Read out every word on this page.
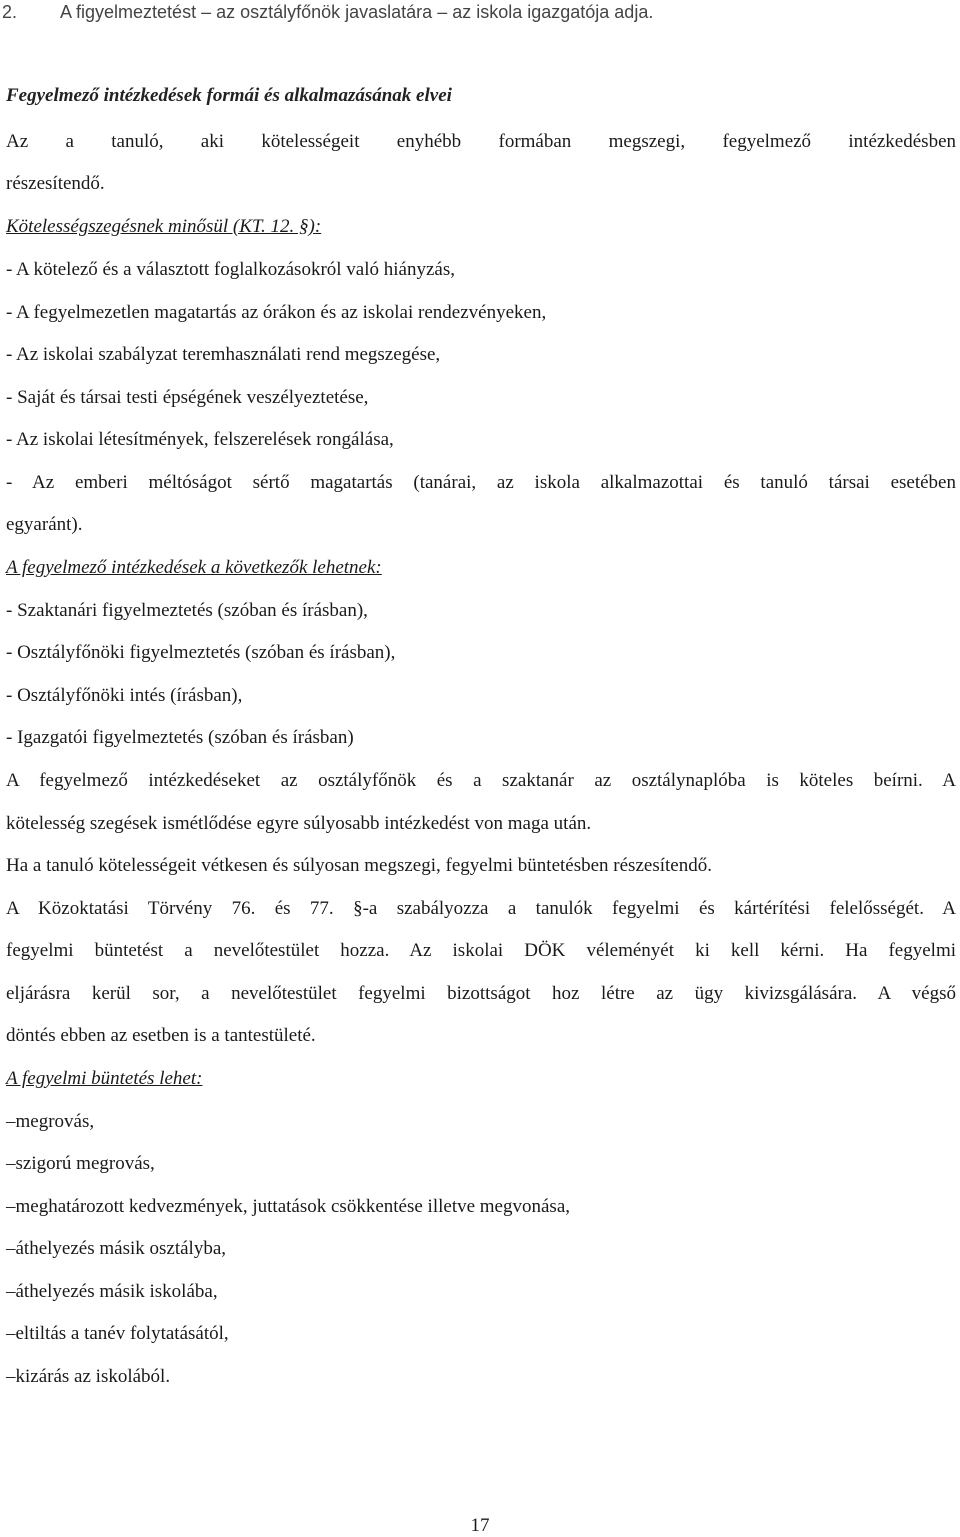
2. A figyelmeztetést – az osztályfőnök javaslatára – az iskola igazgatója adja.
Fegyelmező intézkedések formái és alkalmazásának elvei
Az a tanuló, aki kötelességeit enyhébb formában megszegi, fegyelmező intézkedésben
részesítendő.
Kötelességszegésnek minősül (KT. 12. §):
- A kötelező és a választott foglalkozásokról való hiányzás,
- A fegyelmezetlen magatartás az órákon és az iskolai rendezvényeken,
- Az iskolai szabályzat teremhasználati rend megszegése,
- Saját és társai testi épségének veszélyeztetése,
- Az iskolai létesítmények, felszerelések rongálása,
- Az emberi méltóságot sértő magatartás (tanárai, az iskola alkalmazottai és tanuló társai esetében
egyaránt).
A fegyelmező intézkedések a következők lehetnek:
- Szaktanári figyelmeztetés (szóban és írásban),
- Osztályfőnöki figyelmeztetés (szóban és írásban),
- Osztályfőnöki intés (írásban),
- Igazgatói figyelmeztetés (szóban és írásban)
A fegyelmező intézkedéseket az osztályfőnök és a szaktanár az osztálynaplóba is köteles beírni. A
kötelesség szegések ismétlődése egyre súlyosabb intézkedést von maga után.
Ha a tanuló kötelességeit vétkesen és súlyosan megszegi, fegyelmi büntetésben részesítendő.
A Közoktatási Törvény 76. és 77. §-a szabályozza a tanulók fegyelmi és kártérítési felelősségét. A
fegyelmi büntetést a nevelőtestület hozza. Az iskolai DÖK véleményét ki kell kérni. Ha fegyelmi
eljárásra kerül sor, a nevelőtestület fegyelmi bizottságot hoz létre az ügy kivizsgálására. A végső
döntés ebben az esetben is a tantestületé.
A fegyelmi büntetés lehet:
–megrovás,
–szigorú megrovás,
–meghatározott kedvezmények, juttatások csökkentése illetve megvonása,
–áthelyezés másik osztályba,
–áthelyezés másik iskolába,
–eltiltás a tanév folytatásától,
–kizárás az iskolából.
17
